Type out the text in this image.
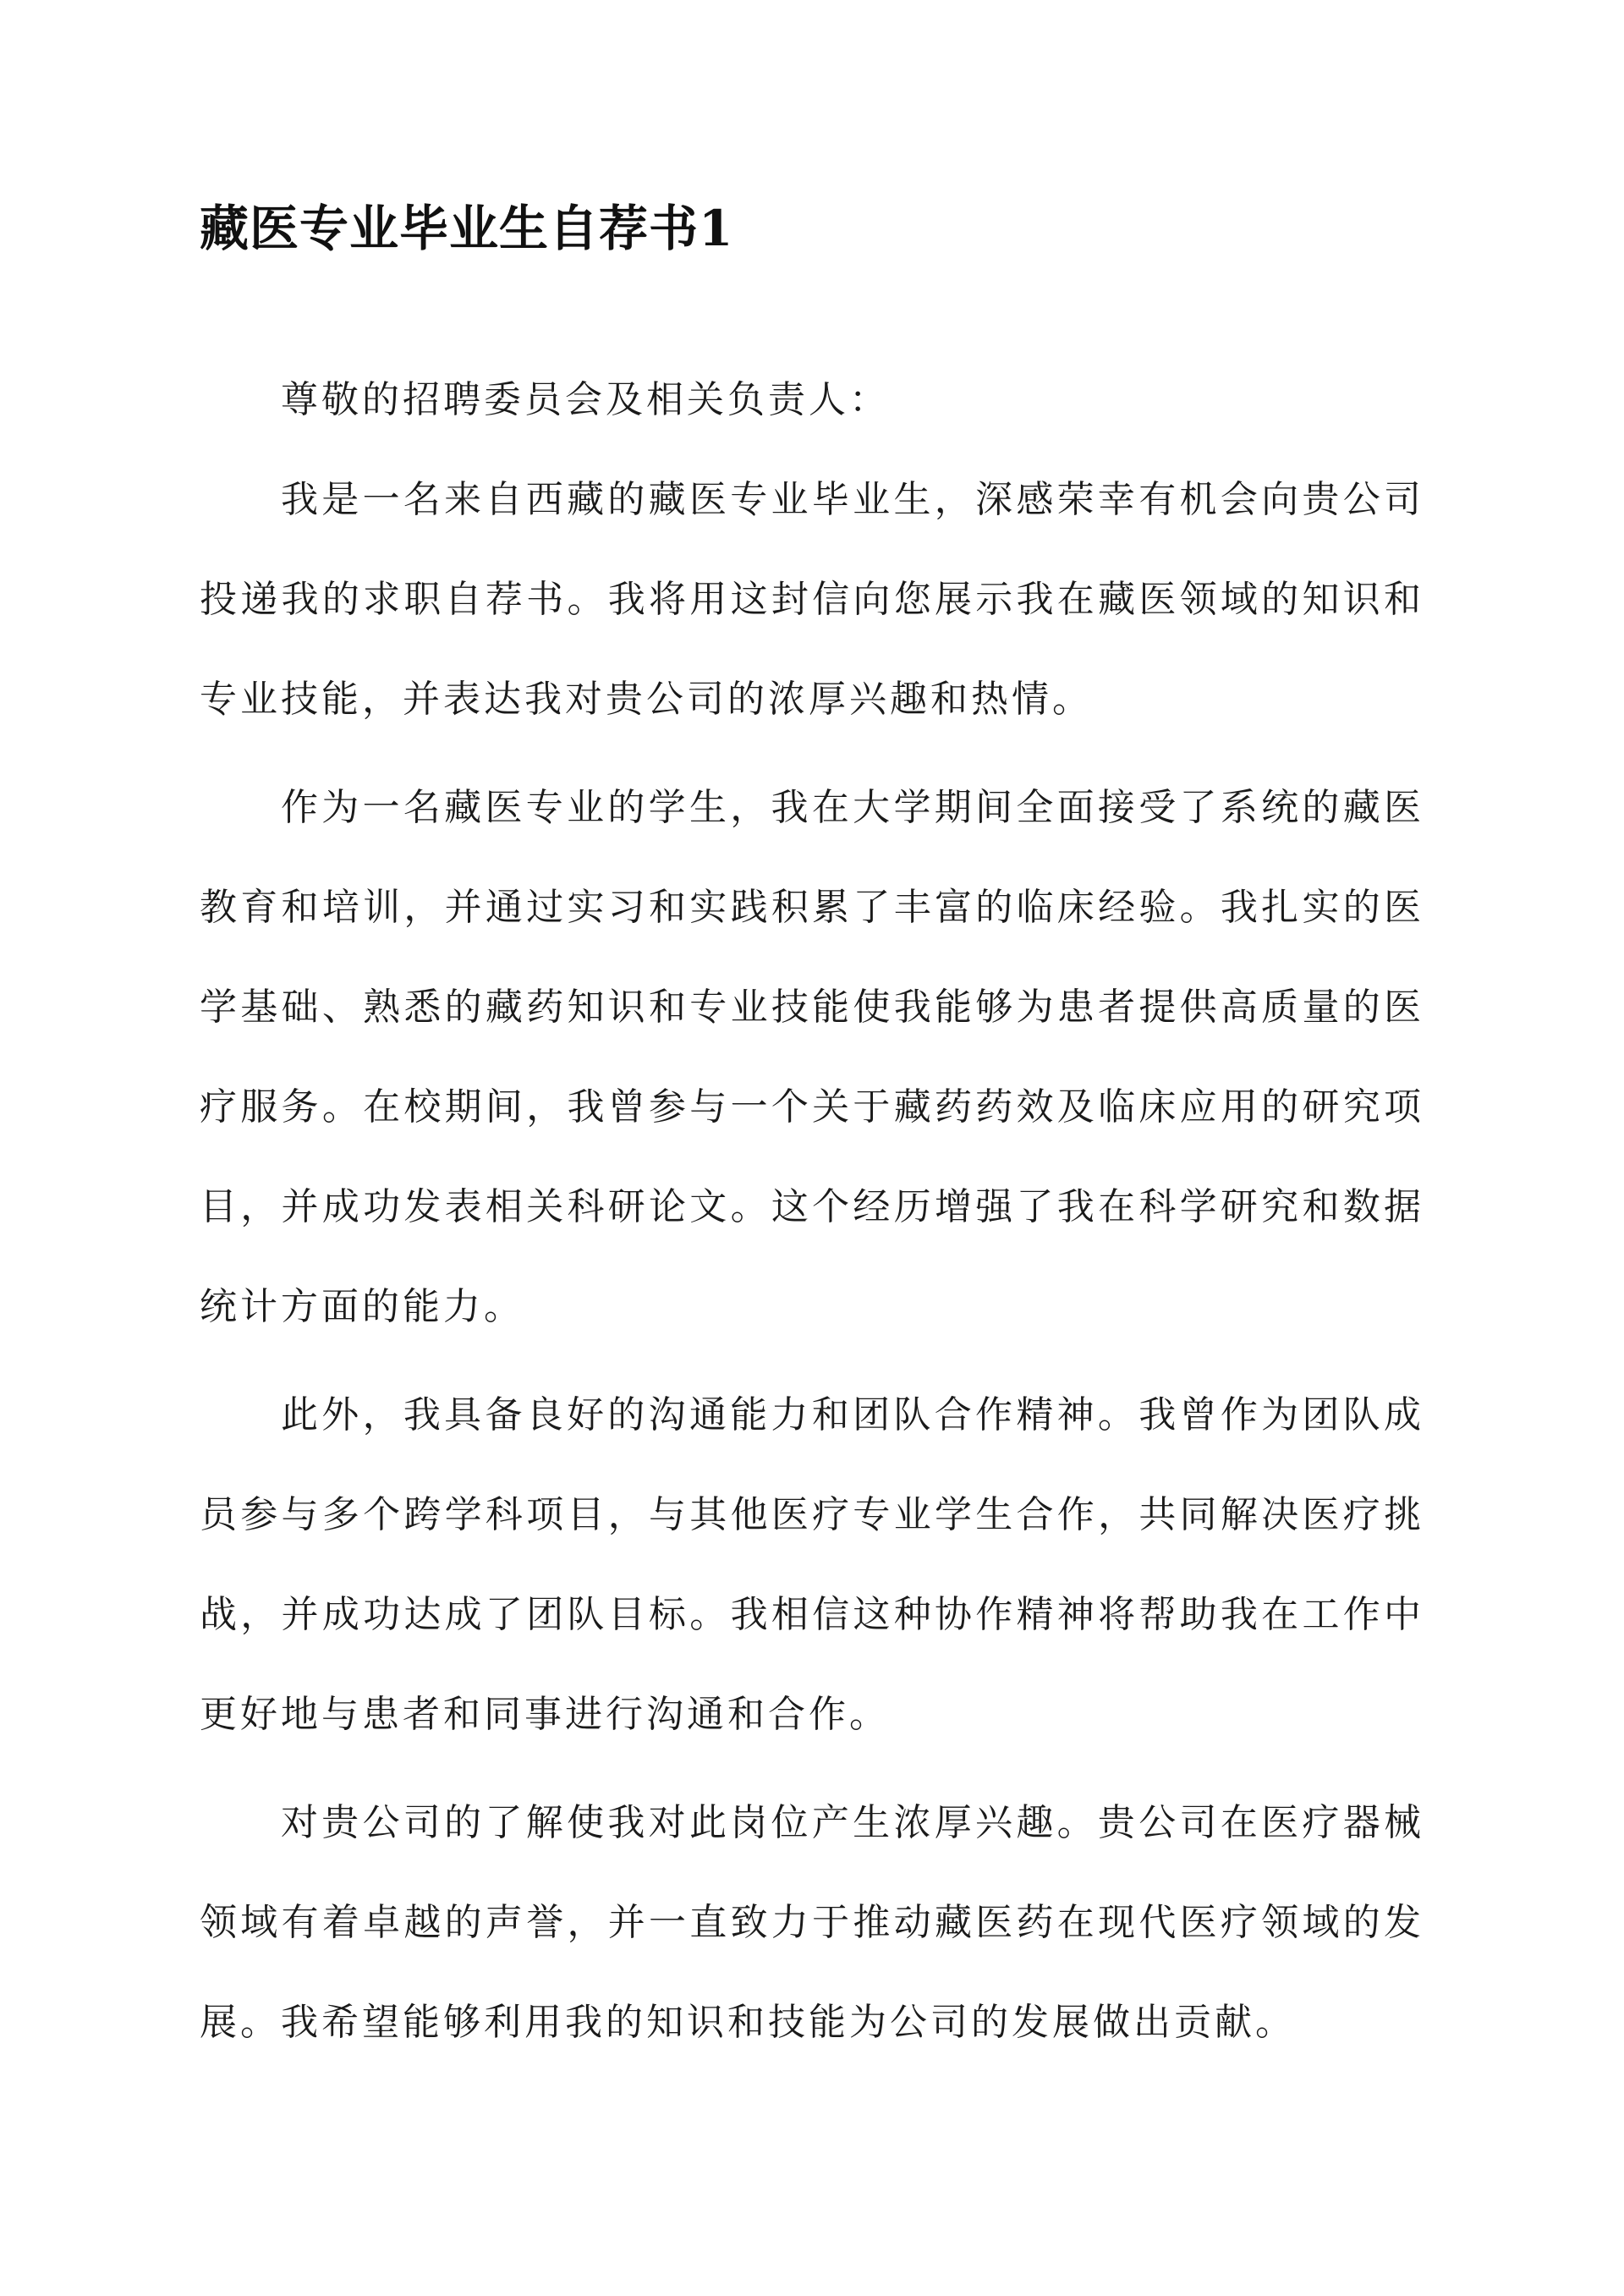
藏医专业毕业生自荐书1

尊敬的招聘委员会及相关负责人：

我是一名来自西藏的藏医专业毕业生，深感荣幸有机会向贵公司投递我的求职自荐书。我将用这封信向您展示我在藏医领域的知识和专业技能，并表达我对贵公司的浓厚兴趣和热情。

作为一名藏医专业的学生，我在大学期间全面接受了系统的藏医教育和培训，并通过实习和实践积累了丰富的临床经验。我扎实的医学基础、熟悉的藏药知识和专业技能使我能够为患者提供高质量的医疗服务。在校期间，我曾参与一个关于藏药药效及临床应用的研究项目，并成功发表相关科研论文。这个经历增强了我在科学研究和数据统计方面的能力。

此外，我具备良好的沟通能力和团队合作精神。我曾作为团队成员参与多个跨学科项目，与其他医疗专业学生合作，共同解决医疗挑战，并成功达成了团队目标。我相信这种协作精神将帮助我在工作中更好地与患者和同事进行沟通和合作。

对贵公司的了解使我对此岗位产生浓厚兴趣。贵公司在医疗器械领域有着卓越的声誉，并一直致力于推动藏医药在现代医疗领域的发展。我希望能够利用我的知识和技能为公司的发展做出贡献。
